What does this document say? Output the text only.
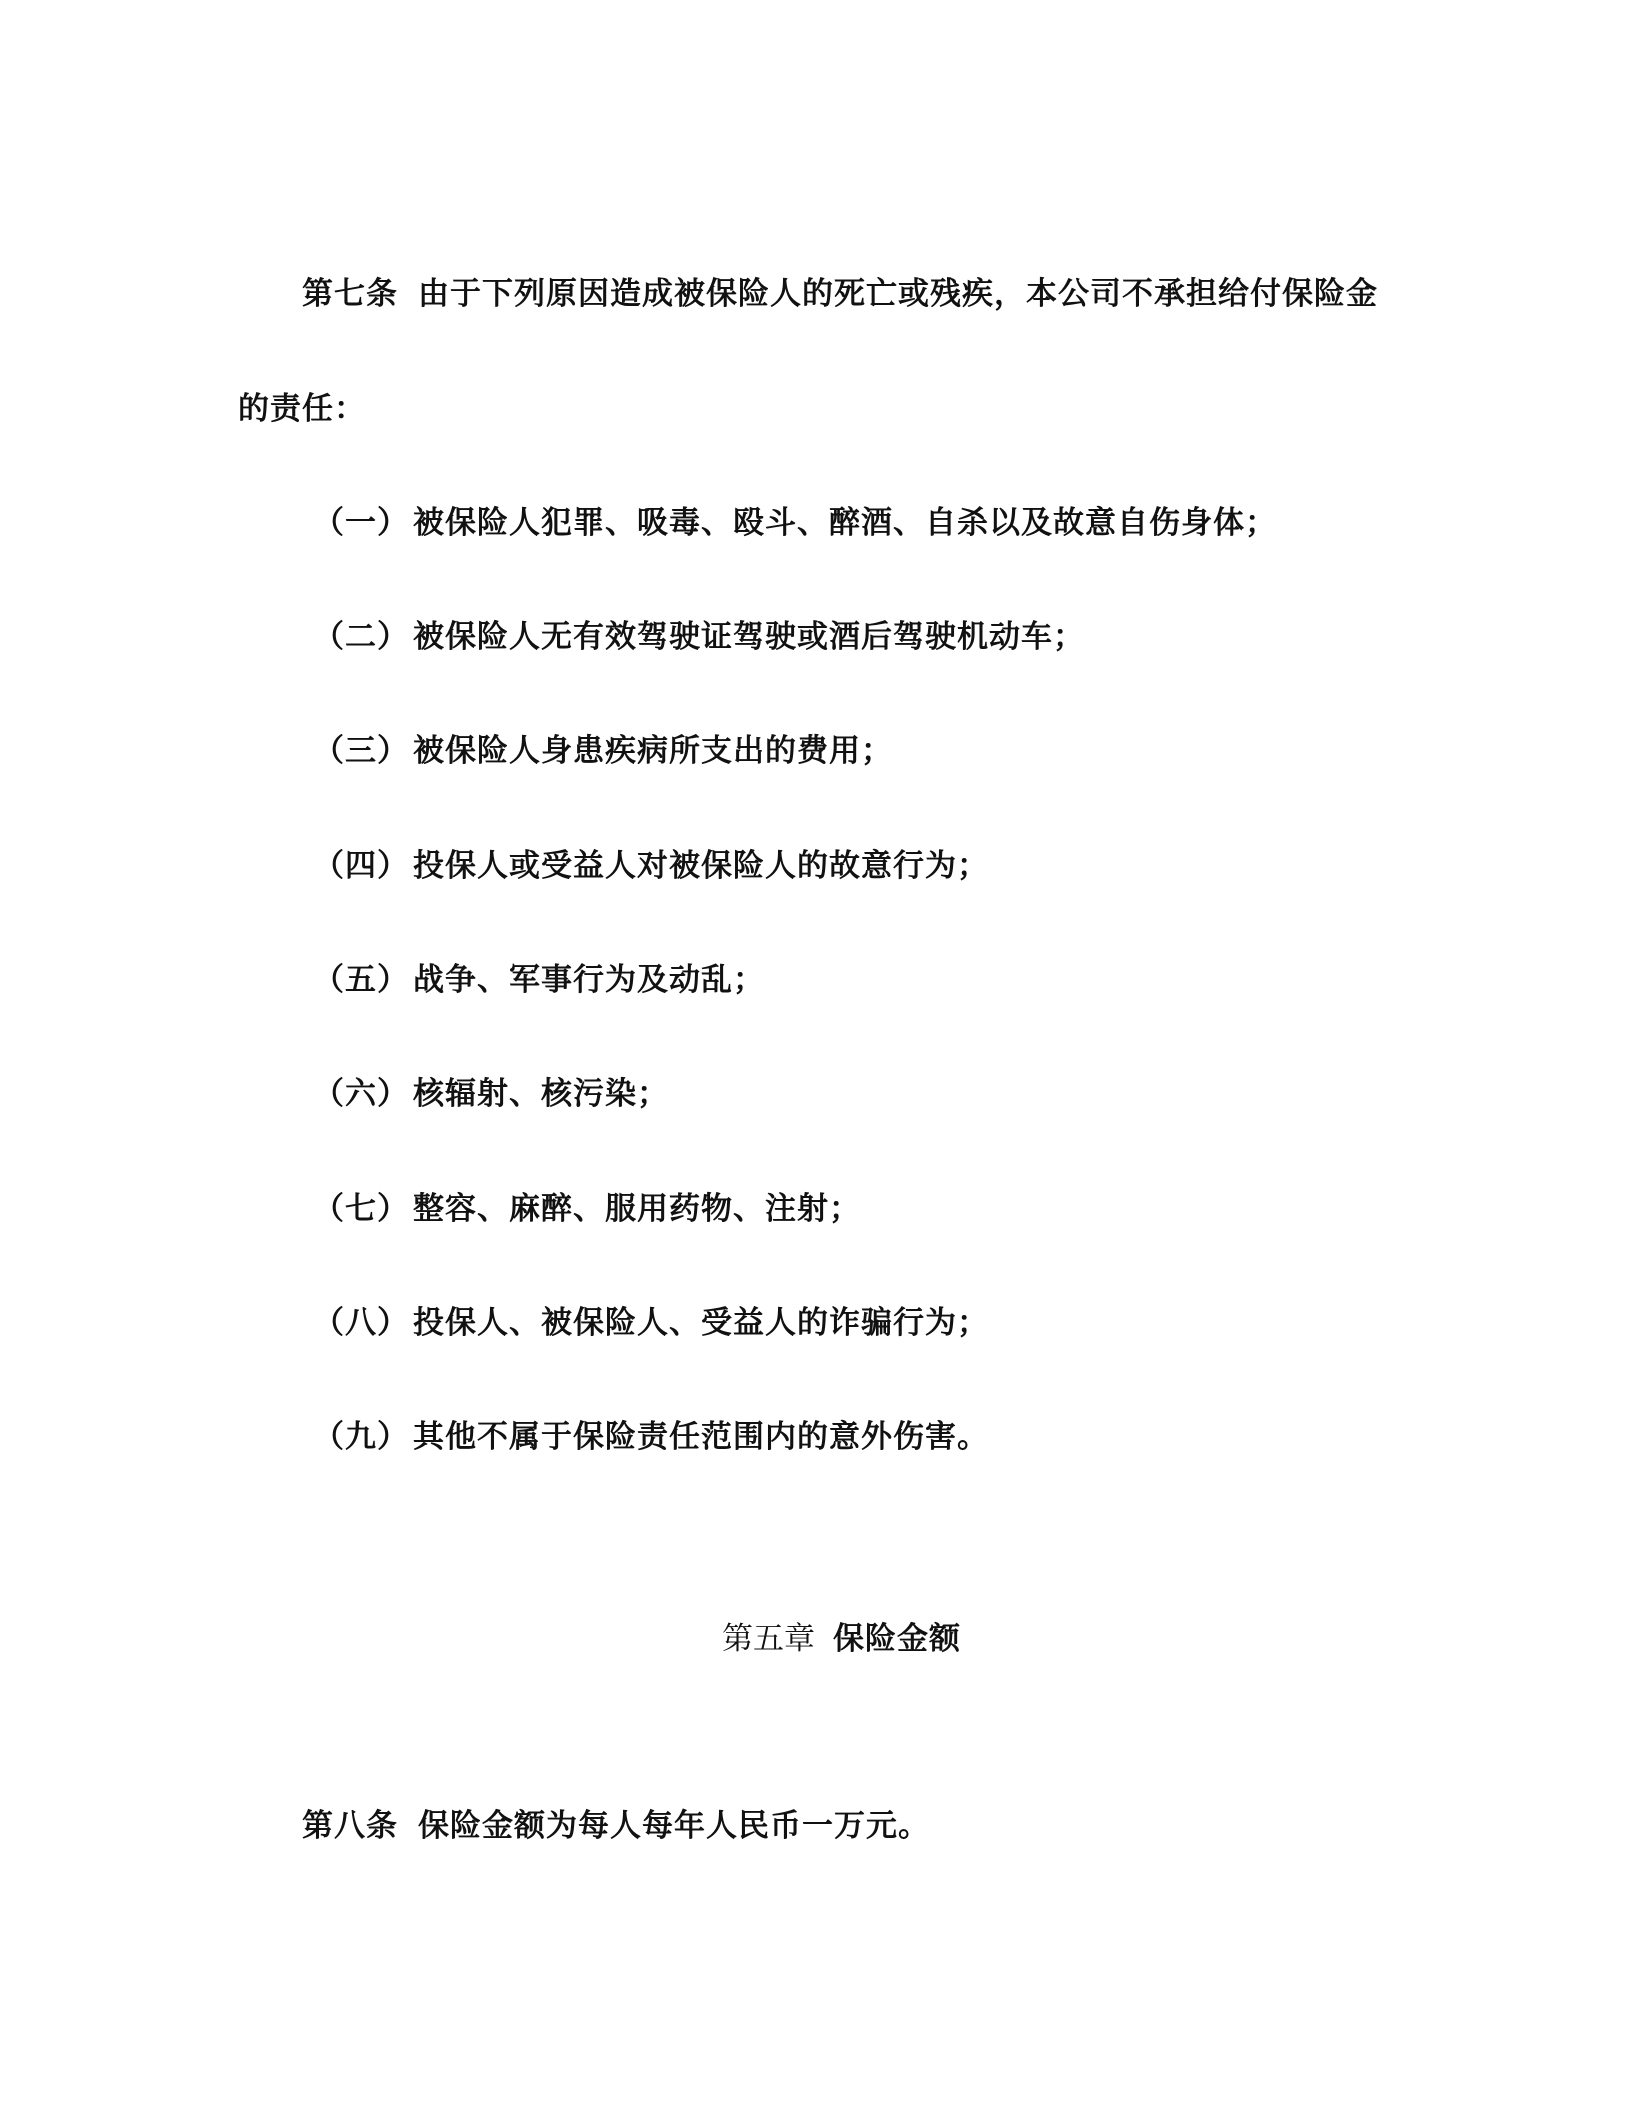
第七条 由于下列原因造成被保险人的死亡或残疾，本公司不承担给付保险金
的责任：
（一） 被保险人犯罪、吸毒、殴斗、醉酒、自杀以及故意自伤身体；
（二） 被保险人无有效驾驶证驾驶或酒后驾驶机动车；
（三） 被保险人身患疾病所支出的费用；
（四） 投保人或受益人对被保险人的故意行为；
（五） 战争、军事行为及动乱；
（六） 核辐射、核污染；
（七） 整容、麻醉、服用药物、注射；
（八） 投保人、被保险人、受益人的诈骗行为；
（九） 其他不属于保险责任范围内的意外伤害。
第五章 保险金额
第八条 保险金额为每人每年人民币一万元。
